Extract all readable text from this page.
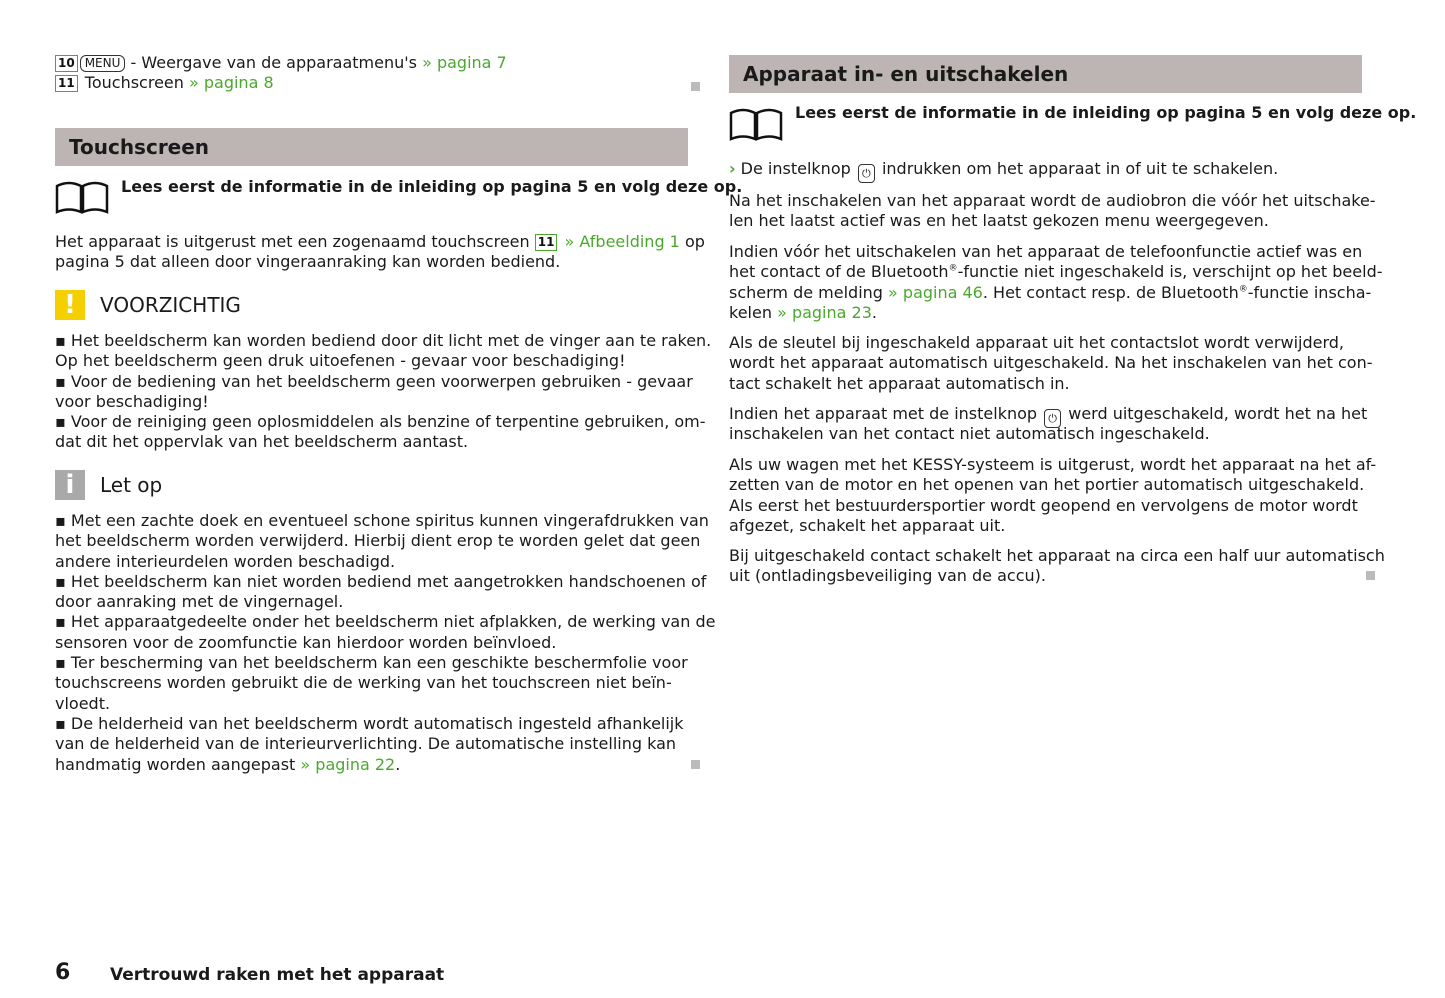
10 MENU - Weergave van de apparaatmenu's » pagina 7
11 Touchscreen » pagina 8
Touchscreen
Lees eerst de informatie in de inleiding op pagina 5 en volg deze op.
Het apparaat is uitgerust met een zogenaamd touchscreen 11 » Afbeelding 1 op
pagina 5 dat alleen door vingeraanraking kan worden bediend.
!	VOORZICHTIG
▪ Het beeldscherm kan worden bediend door dit licht met de vinger aan te raken.
Op het beeldscherm geen druk uitoefenen - gevaar voor beschadiging!
▪ Voor de bediening van het beeldscherm geen voorwerpen gebruiken - gevaar
voor beschadiging!
▪ Voor de reiniging geen oplosmiddelen als benzine of terpentine gebruiken, om-
dat dit het oppervlak van het beeldscherm aantast.
i	Let op
▪ Met een zachte doek en eventueel schone spiritus kunnen vingerafdrukken van
het beeldscherm worden verwijderd. Hierbij dient erop te worden gelet dat geen
andere interieurdelen worden beschadigd.
▪ Het beeldscherm kan niet worden bediend met aangetrokken handschoenen of
door aanraking met de vingernagel.
▪ Het apparaatgedeelte onder het beeldscherm niet afplakken, de werking van de
sensoren voor de zoomfunctie kan hierdoor worden beïnvloed.
▪ Ter bescherming van het beeldscherm kan een geschikte beschermfolie voor
touchscreens worden gebruikt die de werking van het touchscreen niet beïn-
vloedt.
▪ De helderheid van het beeldscherm wordt automatisch ingesteld afhankelijk
van de helderheid van de interieurverlichting. De automatische instelling kan
handmatig worden aangepast » pagina 22.
Apparaat in- en uitschakelen
Lees eerst de informatie in de inleiding op pagina 5 en volg deze op.
› De instelknop ⏻ indrukken om het apparaat in of uit te schakelen.
Na het inschakelen van het apparaat wordt de audiobron die vóór het uitschake-
len het laatst actief was en het laatst gekozen menu weergegeven.
Indien vóór het uitschakelen van het apparaat de telefoonfunctie actief was en
het contact of de Bluetooth®-functie niet ingeschakeld is, verschijnt op het beeld-
scherm de melding » pagina 46. Het contact resp. de Bluetooth®-functie inscha-
kelen » pagina 23.
Als de sleutel bij ingeschakeld apparaat uit het contactslot wordt verwijderd,
wordt het apparaat automatisch uitgeschakeld. Na het inschakelen van het con-
tact schakelt het apparaat automatisch in.
Indien het apparaat met de instelknop ⏻ werd uitgeschakeld, wordt het na het
inschakelen van het contact niet automatisch ingeschakeld.
Als uw wagen met het KESSY-systeem is uitgerust, wordt het apparaat na het af-
zetten van de motor en het openen van het portier automatisch uitgeschakeld.
Als eerst het bestuurdersportier wordt geopend en vervolgens de motor wordt
afgezet, schakelt het apparaat uit.
Bij uitgeschakeld contact schakelt het apparaat na circa een half uur automatisch
uit (ontladingsbeveiliging van de accu).
6 Vertrouwd raken met het apparaat
